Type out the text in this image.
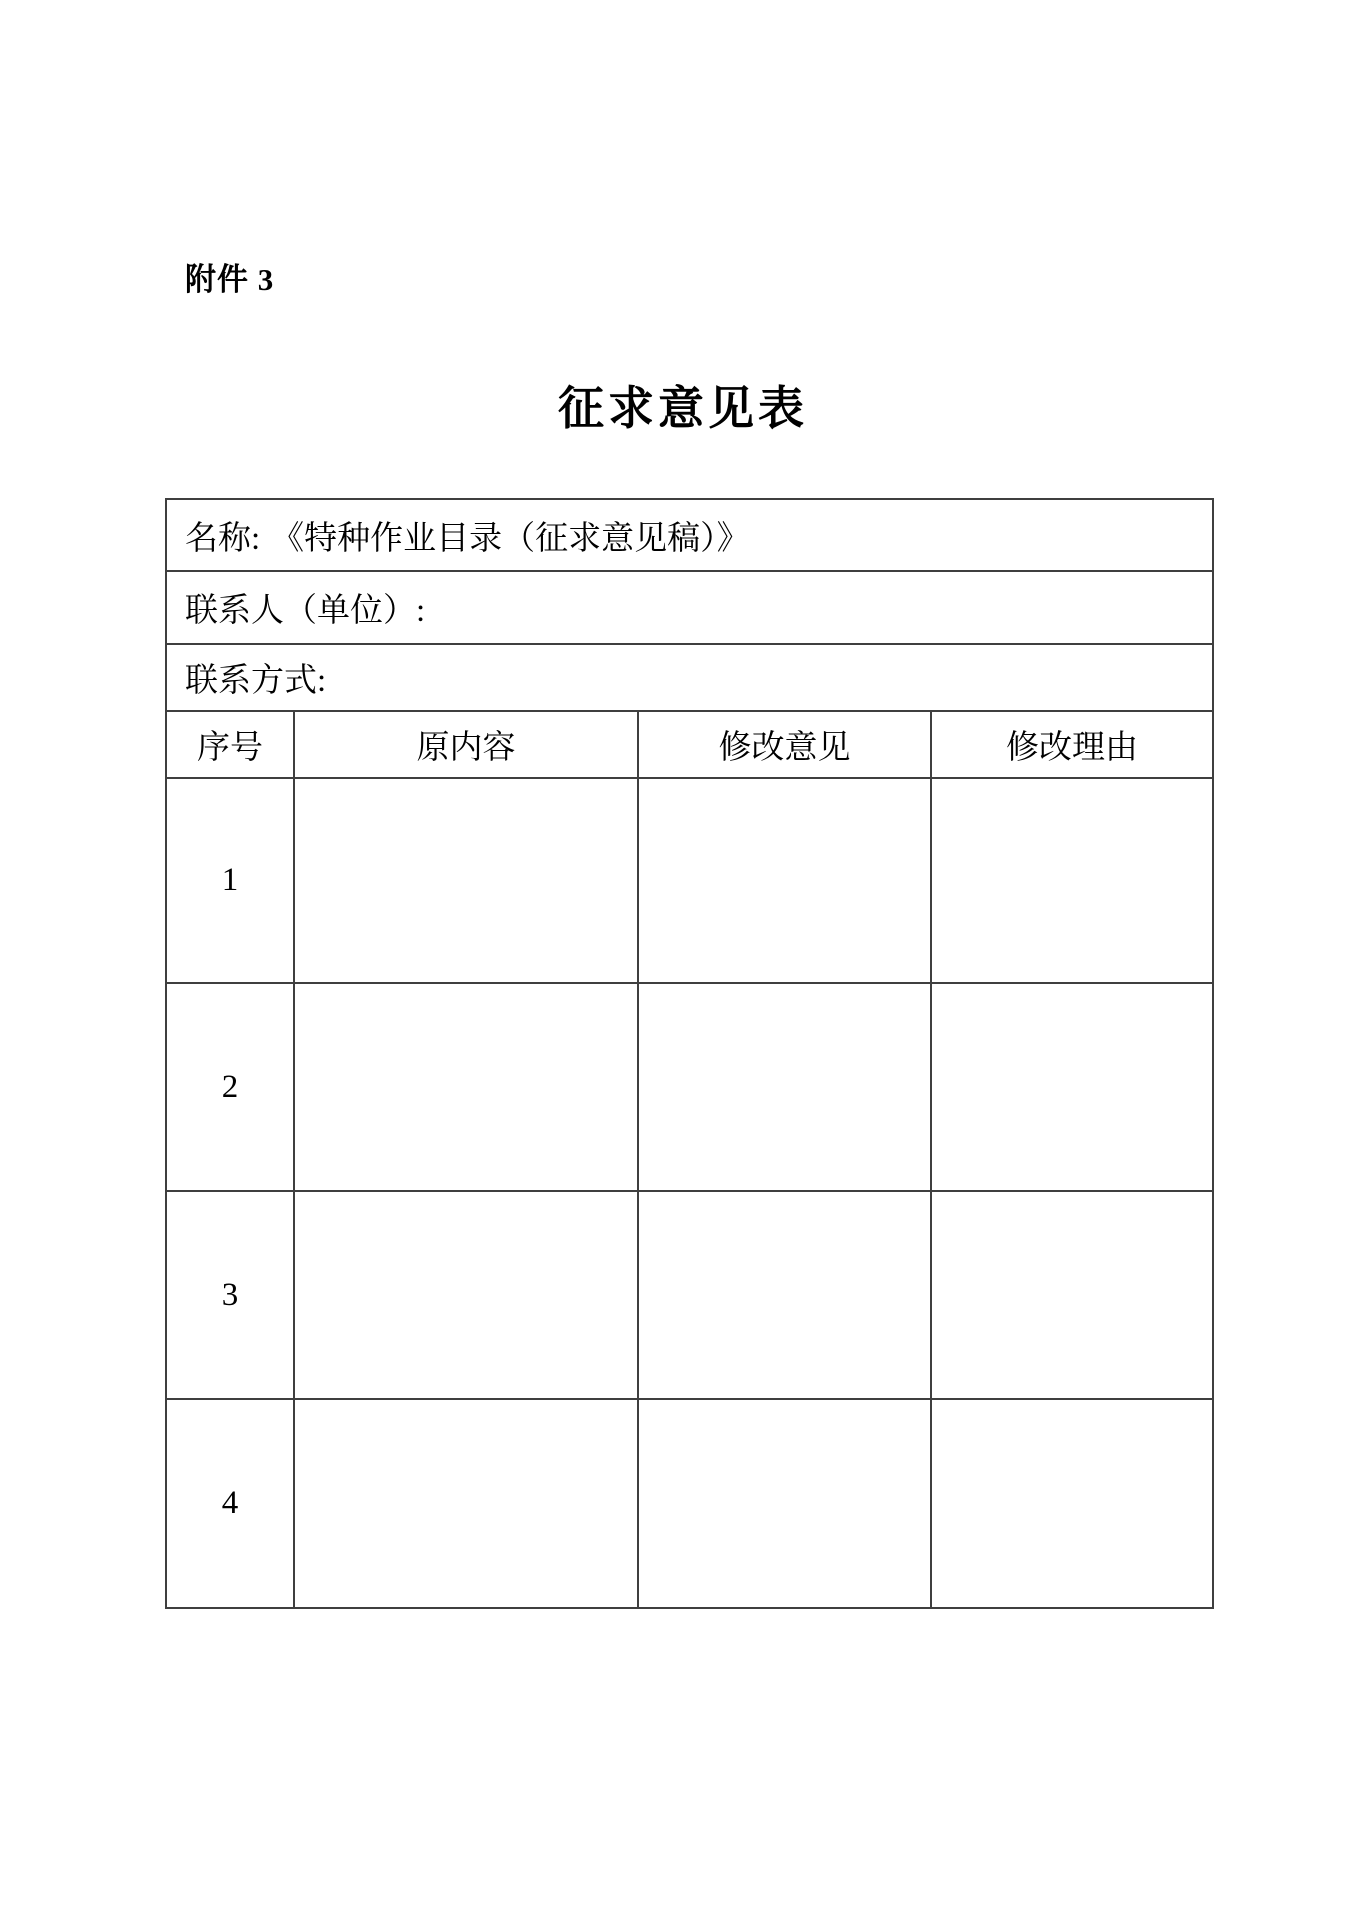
附件 3
征求意见表
名称: 《特种作业目录（征求意见稿）》			
联系人（单位）:			
联系方式:			
序号	原内容	修改意见	修改理由
1			
2			
3			
4			
